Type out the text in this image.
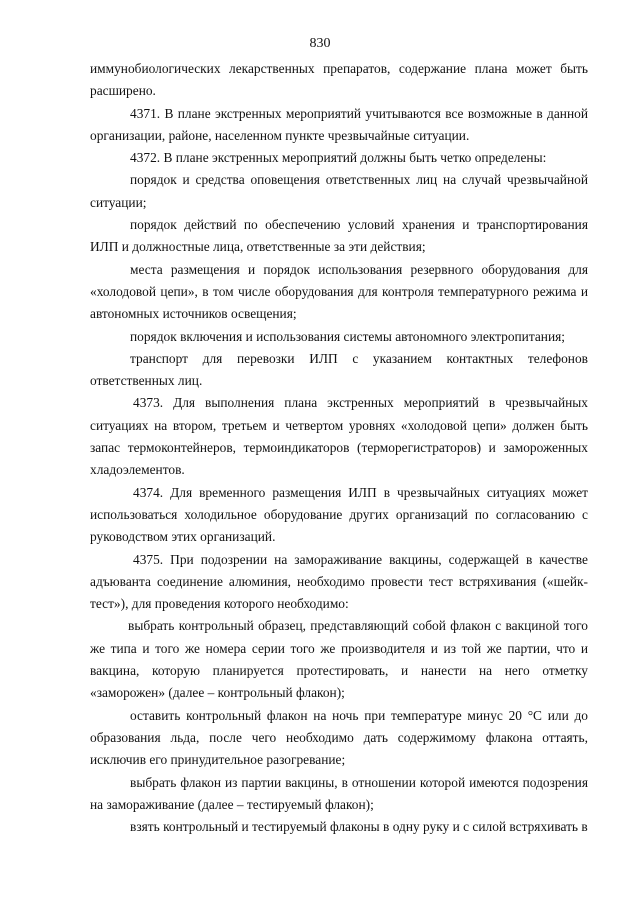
830

иммунобиологических лекарственных препаратов, содержание плана может быть расширено.

4371. В плане экстренных мероприятий учитываются все возможные в данной организации, районе, населенном пункте чрезвычайные ситуации.

4372. В плане экстренных мероприятий должны быть четко определены:

порядок и средства оповещения ответственных лиц на случай чрезвычайной ситуации;

порядок действий по обеспечению условий хранения и транспортирования ИЛП и должностные лица, ответственные за эти действия;

места размещения и порядок использования резервного оборудования для «холодовой цепи», в том числе оборудования для контроля температурного режима и автономных источников освещения;

порядок включения и использования системы автономного электропитания;

транспорт для перевозки ИЛП с указанием контактных телефонов ответственных лиц.

4373. Для выполнения плана экстренных мероприятий в чрезвычайных ситуациях на втором, третьем и четвертом уровнях «холодовой цепи» должен быть запас термоконтейнеров, термоиндикаторов (терморегистраторов) и замороженных хладоэлементов.

4374. Для временного размещения ИЛП в чрезвычайных ситуациях может использоваться холодильное оборудование других организаций по согласованию с руководством этих организаций.

4375. При подозрении на замораживание вакцины, содержащей в качестве адъюванта соединение алюминия, необходимо провести тест встряхивания («шейк-тест»), для проведения которого необходимо:

выбрать контрольный образец, представляющий собой флакон с вакциной того же типа и того же номера серии того же производителя и из той же партии, что и вакцина, которую планируется протестировать, и нанести на него отметку «заморожен» (далее – контрольный флакон);

оставить контрольный флакон на ночь при температуре минус 20 °С или до образования льда, после чего необходимо дать содержимому флакона оттаять, исключив его принудительное разогревание;

выбрать флакон из партии вакцины, в отношении которой имеются подозрения на замораживание (далее – тестируемый флакон);

взять контрольный и тестируемый флаконы в одну руку и с силой встряхивать в
